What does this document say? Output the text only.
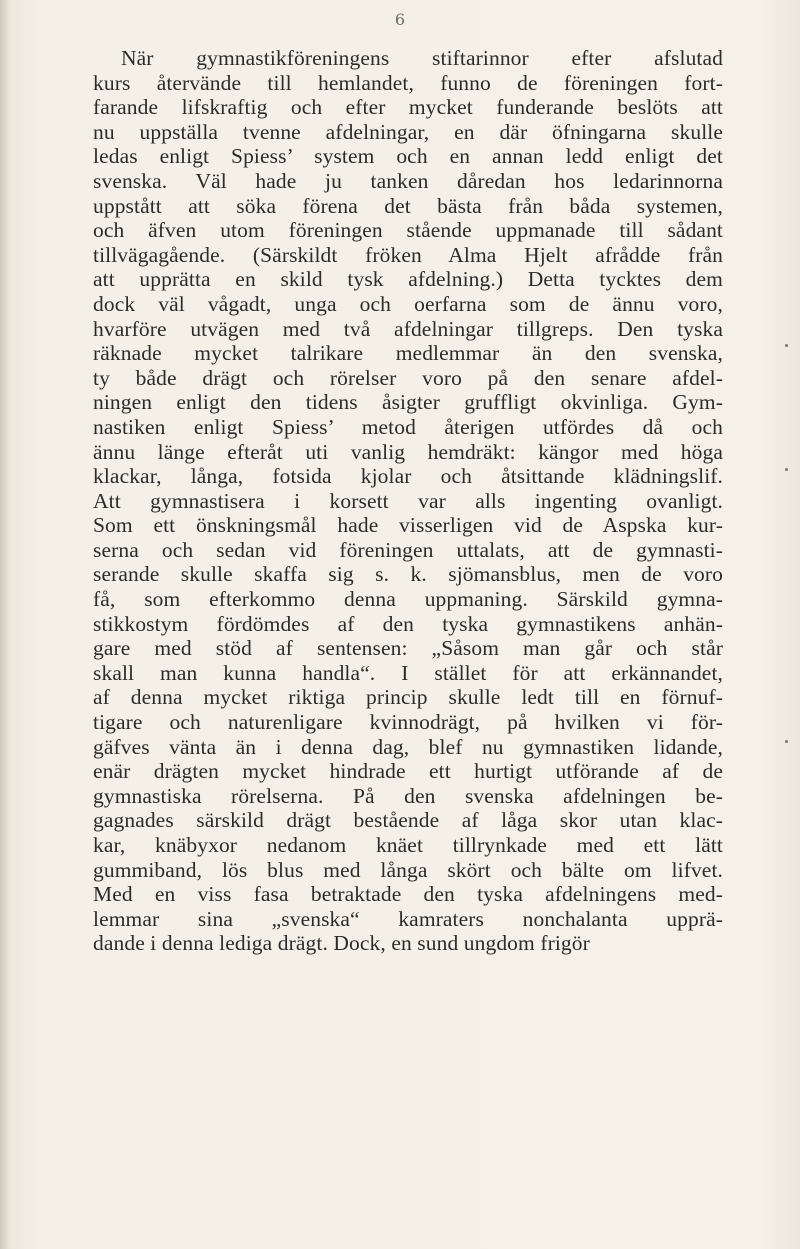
6

När gymnastikföreningens stiftarinnor efter afslutad
kurs återvände till hemlandet, funno de föreningen fort-
farande lifskraftig och efter mycket funderande beslöts att
nu uppställa tvenne afdelningar, en där öfningarna skulle
ledas enligt Spiess’ system och en annan ledd enligt det
svenska. Väl hade ju tanken dåredan hos ledarinnorna
uppstått att söka förena det bästa från båda systemen,
och äfven utom föreningen stående uppmanade till sådant
tillvägagående. (Särskildt fröken Alma Hjelt afrådde från
att upprätta en skild tysk afdelning.) Detta tycktes dem
dock väl vågadt, unga och oerfarna som de ännu voro,
hvarföre utvägen med två afdelningar tillgreps. Den tyska
räknade mycket talrikare medlemmar än den svenska,
ty både drägt och rörelser voro på den senare afdel-
ningen enligt den tidens åsigter gruffligt okvinliga. Gym-
nastiken enligt Spiess’ metod återigen utfördes då och
ännu länge efteråt uti vanlig hemdräkt: kängor med höga
klackar, långa, fotsida kjolar och åtsittande klädningslif.
Att gymnastisera i korsett var alls ingenting ovanligt.
Som ett önskningsmål hade visserligen vid de Aspska kur-
serna och sedan vid föreningen uttalats, att de gymnasti-
serande skulle skaffa sig s. k. sjömansblus, men de voro
få, som efterkommo denna uppmaning. Särskild gymna-
stikkostym fördömdes af den tyska gymnastikens anhän-
gare med stöd af sentensen: „Såsom man går och står
skall man kunna handla“. I stället för att erkännandet,
af denna mycket riktiga princip skulle ledt till en förnuf-
tigare och naturenligare kvinnodrägt, på hvilken vi för-
gäfves vänta än i denna dag, blef nu gymnastiken lidande,
enär drägten mycket hindrade ett hurtigt utförande af de
gymnastiska rörelserna. På den svenska afdelningen be-
gagnades särskild drägt bestående af låga skor utan klac-
kar, knäbyxor nedanom knäet tillrynkade med ett lätt
gummiband, lös blus med långa skört och bälte om lifvet.
Med en viss fasa betraktade den tyska afdelningens med-
lemmar sina „svenska“ kamraters nonchalanta upprä-
dande i denna lediga drägt. Dock, en sund ungdom frigör
